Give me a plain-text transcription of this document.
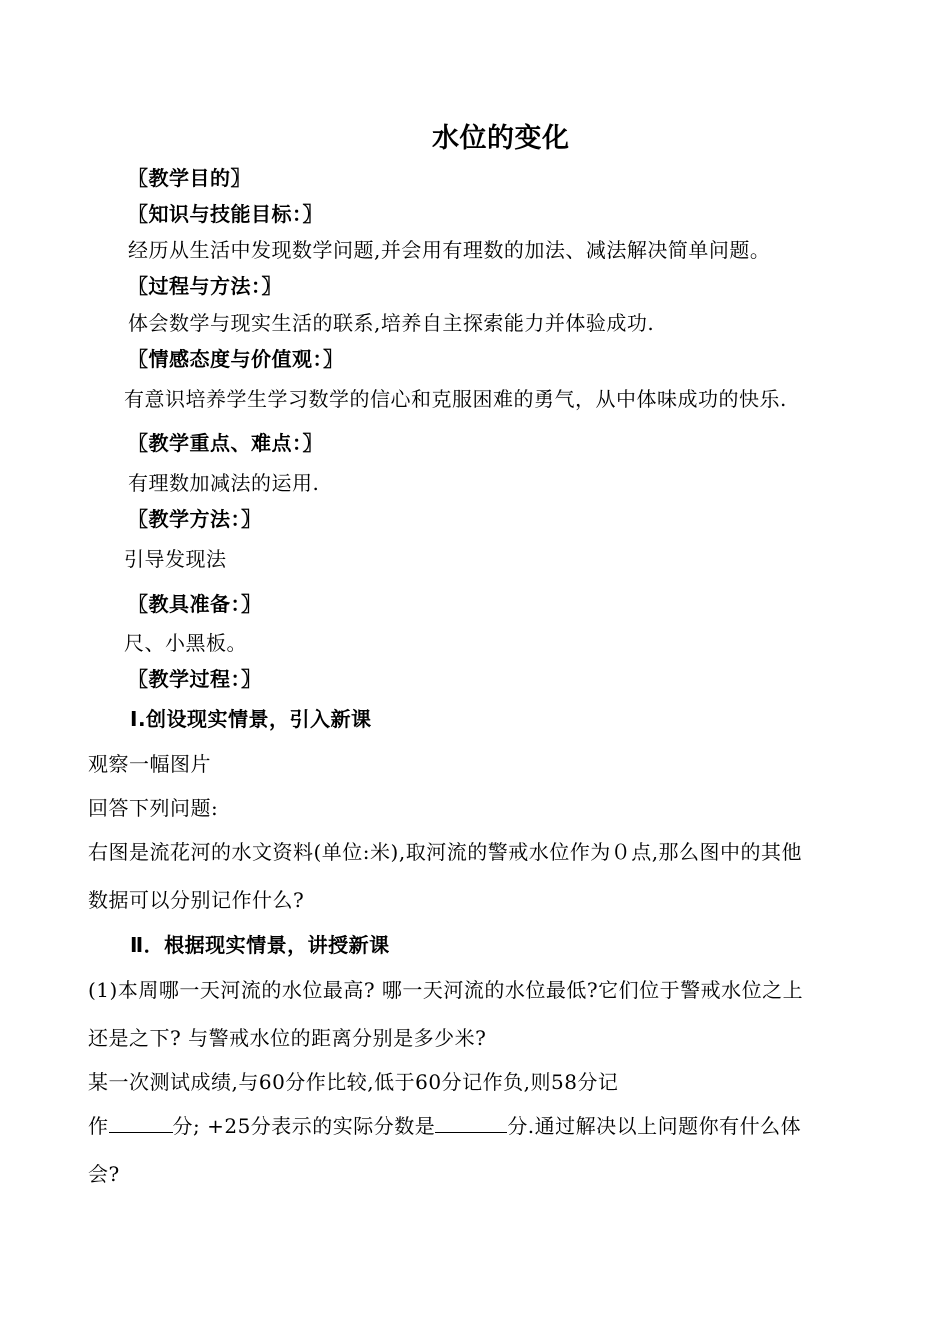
水位的变化
〖教学目的〗
〖知识与技能目标：〗
经历从生活中发现数学问题,并会用有理数的加法、减法解决简单问题。
〖过程与方法：〗
体会数学与现实生活的联系,培养自主探索能力并体验成功.
〖情感态度与价值观：〗
有意识培养学生学习数学的信心和克服困难的勇气，从中体味成功的快乐.
〖教学重点、难点：〗
有理数加减法的运用.
〖教学方法：〗
引导发现法
〖教具准备：〗
尺、小黑板。
〖教学过程：〗
Ⅰ.创设现实情景，引入新课
观察一幅图片
回答下列问题:
右图是流花河的水文资料(单位:米),取河流的警戒水位作为０点,那么图中的其他
数据可以分别记作什么?
Ⅱ．根据现实情景，讲授新课
(1)本周哪一天河流的水位最高? 哪一天河流的水位最低?它们位于警戒水位之上
还是之下? 与警戒水位的距离分别是多少米?
某一次测试成绩,与60分作比较,低于60分记作负,则58分记
作	分; +25分表示的实际分数是	分.通过解决以上问题你有什么体
会?
